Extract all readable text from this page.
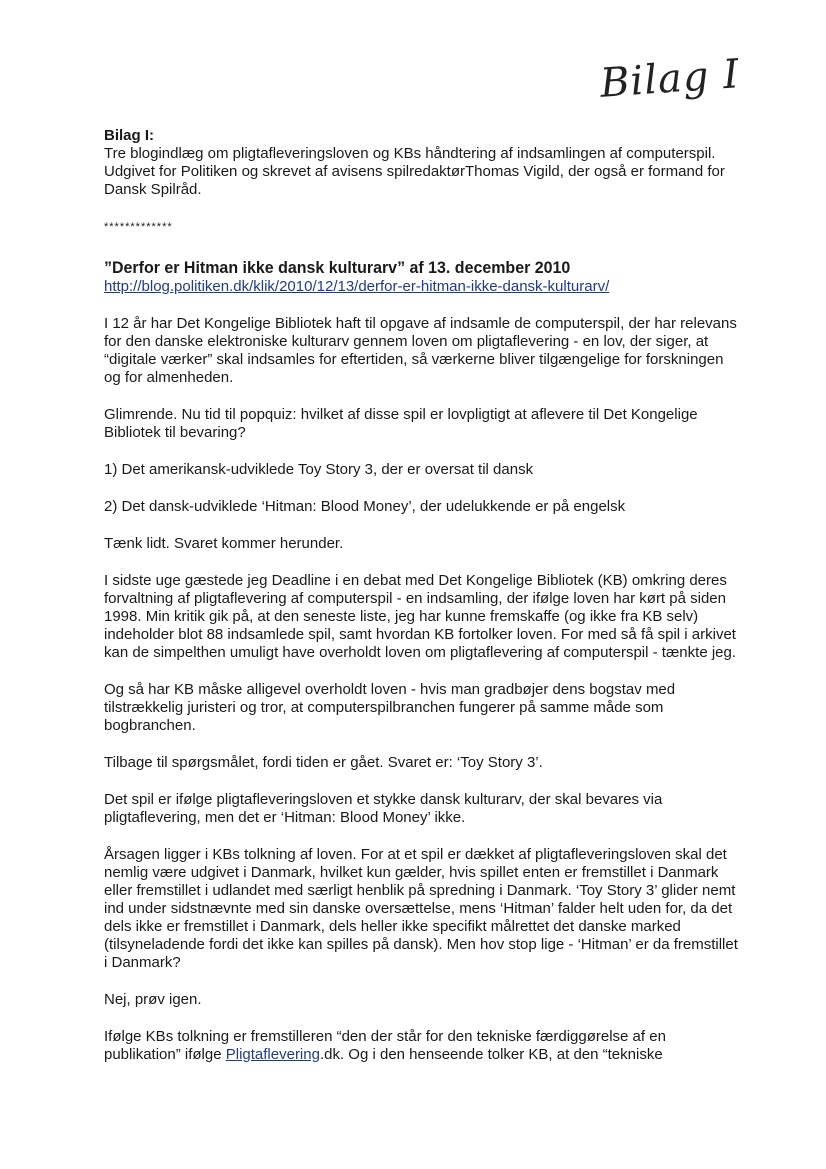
Bilag I
Bilag I:

Tre blogindlæg om pligtafleveringsloven og KBs håndtering af indsamlingen af computerspil. Udgivet for Politiken og skrevet af avisens spilredaktørThomas Vigild, der også er formand for Dansk Spilråd.

*************
”Derfor er Hitman ikke dansk kulturarv” af 13. december 2010
http://blog.politiken.dk/klik/2010/12/13/derfor-er-hitman-ikke-dansk-kulturarv/

I 12 år har Det Kongelige Bibliotek haft til opgave af indsamle de computerspil, der har relevans for den danske elektroniske kulturarv gennem loven om pligtaflevering - en lov, der siger, at “digitale værker” skal indsamles for eftertiden, så værkerne bliver tilgængelige for forskningen og for almenheden.

Glimrende. Nu tid til popquiz: hvilket af disse spil er lovpligtigt at aflevere til Det Kongelige Bibliotek til bevaring?

1) Det amerikansk-udviklede Toy Story 3, der er oversat til dansk

2) Det dansk-udviklede ‘Hitman: Blood Money’, der udelukkende er på engelsk

Tænk lidt. Svaret kommer herunder.

I sidste uge gæstede jeg Deadline i en debat med Det Kongelige Bibliotek (KB) omkring deres forvaltning af pligtaflevering af computerspil - en indsamling, der ifølge loven har kørt på siden 1998. Min kritik gik på, at den seneste liste, jeg har kunne fremskaffe (og ikke fra KB selv) indeholder blot 88 indsamlede spil, samt hvordan KB fortolker loven. For med så få spil i arkivet kan de simpelthen umuligt have overholdt loven om pligtaflevering af computerspil - tænkte jeg.

Og så har KB måske alligevel overholdt loven - hvis man gradbøjer dens bogstav med tilstrækkelig juristeri og tror, at computerspilbranchen fungerer på samme måde som bogbranchen.

Tilbage til spørgsmålet, fordi tiden er gået. Svaret er: ‘Toy Story 3’.

Det spil er ifølge pligtafleveringsloven et stykke dansk kulturarv, der skal bevares via pligtaflevering, men det er ‘Hitman: Blood Money’ ikke.

Årsagen ligger i KBs tolkning af loven. For at et spil er dækket af pligtafleveringsloven skal det nemlig være udgivet i Danmark, hvilket kun gælder, hvis spillet enten er fremstillet i Danmark eller fremstillet i udlandet med særligt henblik på spredning i Danmark. ‘Toy Story 3’ glider nemt ind under sidstnævnte med sin danske oversættelse, mens ‘Hitman’ falder helt uden for, da det dels ikke er fremstillet i Danmark, dels heller ikke specifikt målrettet det danske marked (tilsyneladende fordi det ikke kan spilles på dansk). Men hov stop lige - ‘Hitman’ er da fremstillet i Danmark?

Nej, prøv igen.

Ifølge KBs tolkning er fremstilleren “den der står for den tekniske færdiggørelse af en publikation” ifølge Pligtaflevering.dk. Og i den henseende tolker KB, at den “tekniske
